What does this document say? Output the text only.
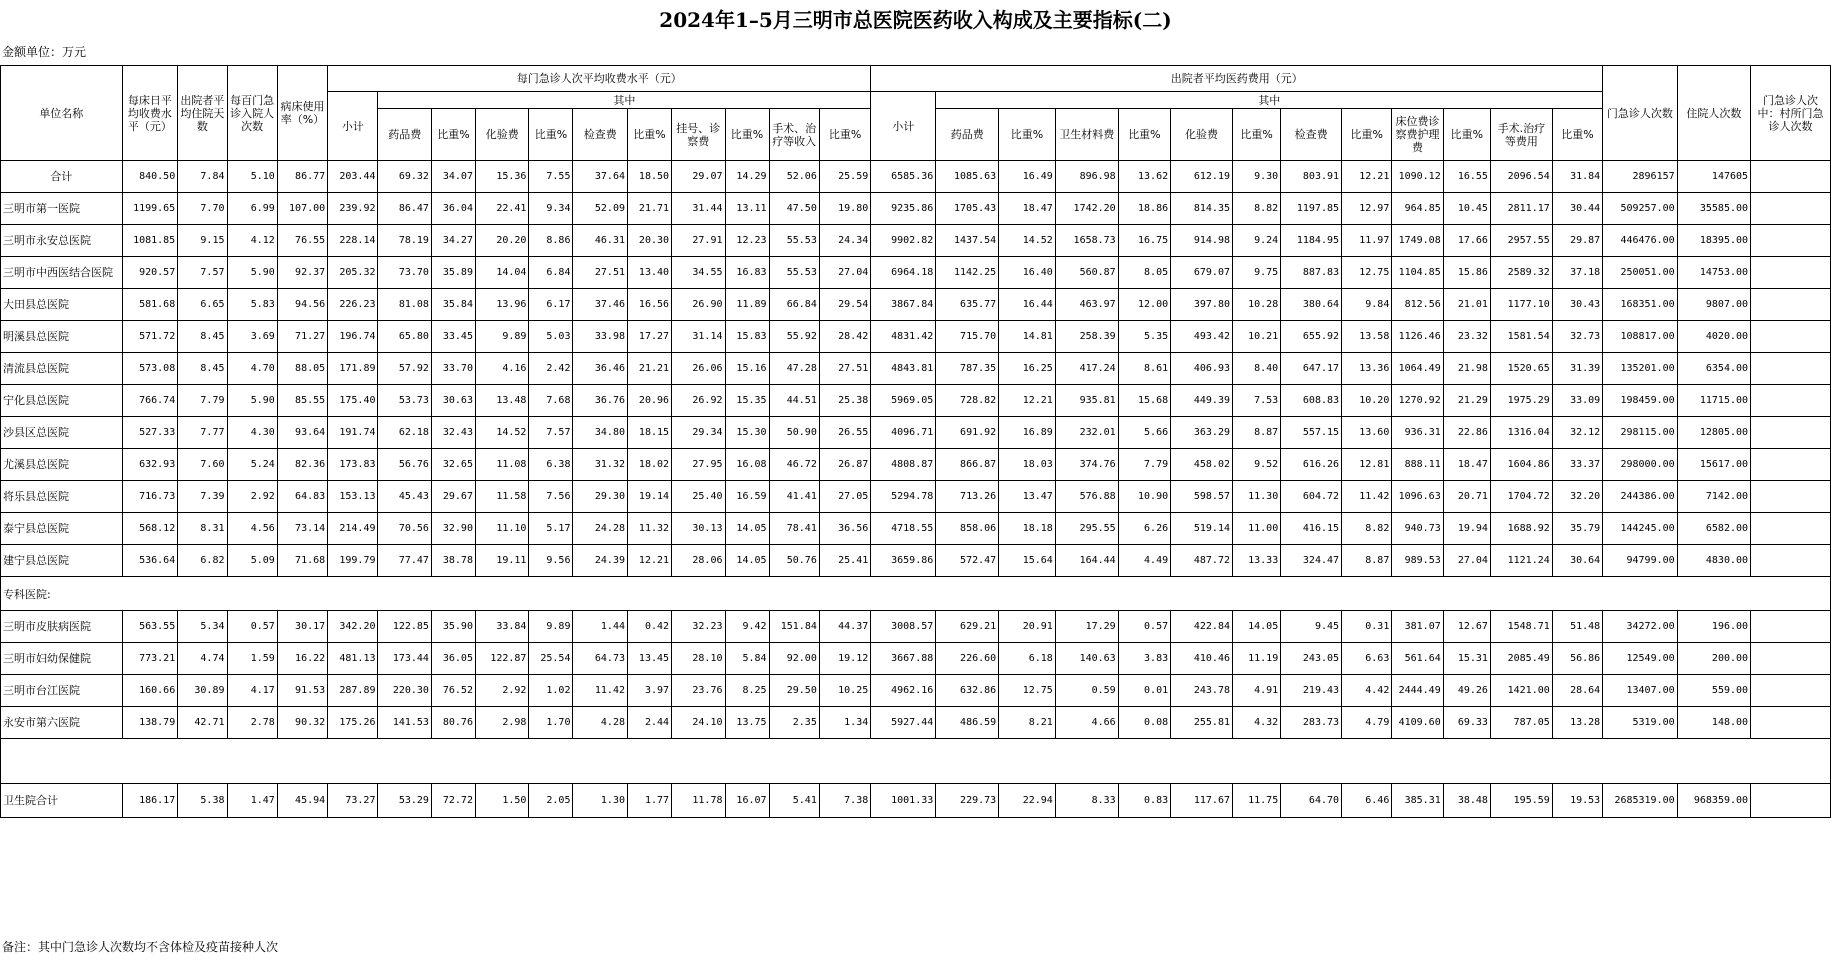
2024年1–5月三明市总医院医药收入构成及主要指标(二)
金额单位：万元
单位名称	每床日平均收费水平（元）	出院者平均住院天数	每百门急诊入院人次数	病床使用率（%）	每门急诊人次平均收费水平（元）											出院者平均医药费用（元）													门急诊人次数	住院人次数	门急诊人次中：村所门急诊人次数
					小计	其中										小计	其中														
						药品费	比重%	化验费	比重%	检查费	比重%	挂号、诊察费	比重%	手术、治疗等收入	比重%		药品费	比重%	卫生材料费	比重%	化验费	比重%	检查费	比重%	床位费诊察费护理费	比重%	手术.治疗等费用	比重%			
合计	840.50	7.84	5.10	86.77	203.44	69.32	34.07	15.36	7.55	37.64	18.50	29.07	14.29	52.06	25.59	6585.36	1085.63	16.49	896.98	13.62	612.19	9.30	803.91	12.21	1090.12	16.55	2096.54	31.84	2896157	147605	
三明市第一医院	1199.65	7.70	6.99	107.00	239.92	86.47	36.04	22.41	9.34	52.09	21.71	31.44	13.11	47.50	19.80	9235.86	1705.43	18.47	1742.20	18.86	814.35	8.82	1197.85	12.97	964.85	10.45	2811.17	30.44	509257.00	35585.00	
三明市永安总医院	1081.85	9.15	4.12	76.55	228.14	78.19	34.27	20.20	8.86	46.31	20.30	27.91	12.23	55.53	24.34	9902.82	1437.54	14.52	1658.73	16.75	914.98	9.24	1184.95	11.97	1749.08	17.66	2957.55	29.87	446476.00	18395.00	
三明市中西医结合医院	920.57	7.57	5.90	92.37	205.32	73.70	35.89	14.04	6.84	27.51	13.40	34.55	16.83	55.53	27.04	6964.18	1142.25	16.40	560.87	8.05	679.07	9.75	887.83	12.75	1104.85	15.86	2589.32	37.18	250051.00	14753.00	
大田县总医院	581.68	6.65	5.83	94.56	226.23	81.08	35.84	13.96	6.17	37.46	16.56	26.90	11.89	66.84	29.54	3867.84	635.77	16.44	463.97	12.00	397.80	10.28	380.64	9.84	812.56	21.01	1177.10	30.43	168351.00	9807.00	
明溪县总医院	571.72	8.45	3.69	71.27	196.74	65.80	33.45	9.89	5.03	33.98	17.27	31.14	15.83	55.92	28.42	4831.42	715.70	14.81	258.39	5.35	493.42	10.21	655.92	13.58	1126.46	23.32	1581.54	32.73	108817.00	4020.00	
清流县总医院	573.08	8.45	4.70	88.05	171.89	57.92	33.70	4.16	2.42	36.46	21.21	26.06	15.16	47.28	27.51	4843.81	787.35	16.25	417.24	8.61	406.93	8.40	647.17	13.36	1064.49	21.98	1520.65	31.39	135201.00	6354.00	
宁化县总医院	766.74	7.79	5.90	85.55	175.40	53.73	30.63	13.48	7.68	36.76	20.96	26.92	15.35	44.51	25.38	5969.05	728.82	12.21	935.81	15.68	449.39	7.53	608.83	10.20	1270.92	21.29	1975.29	33.09	198459.00	11715.00	
沙县区总医院	527.33	7.77	4.30	93.64	191.74	62.18	32.43	14.52	7.57	34.80	18.15	29.34	15.30	50.90	26.55	4096.71	691.92	16.89	232.01	5.66	363.29	8.87	557.15	13.60	936.31	22.86	1316.04	32.12	298115.00	12805.00	
尤溪县总医院	632.93	7.60	5.24	82.36	173.83	56.76	32.65	11.08	6.38	31.32	18.02	27.95	16.08	46.72	26.87	4808.87	866.87	18.03	374.76	7.79	458.02	9.52	616.26	12.81	888.11	18.47	1604.86	33.37	298000.00	15617.00	
将乐县总医院	716.73	7.39	2.92	64.83	153.13	45.43	29.67	11.58	7.56	29.30	19.14	25.40	16.59	41.41	27.05	5294.78	713.26	13.47	576.88	10.90	598.57	11.30	604.72	11.42	1096.63	20.71	1704.72	32.20	244386.00	7142.00	
泰宁县总医院	568.12	8.31	4.56	73.14	214.49	70.56	32.90	11.10	5.17	24.28	11.32	30.13	14.05	78.41	36.56	4718.55	858.06	18.18	295.55	6.26	519.14	11.00	416.15	8.82	940.73	19.94	1688.92	35.79	144245.00	6582.00	
建宁县总医院	536.64	6.82	5.09	71.68	199.79	77.47	38.78	19.11	9.56	24.39	12.21	28.06	14.05	50.76	25.41	3659.86	572.47	15.64	164.44	4.49	487.72	13.33	324.47	8.87	989.53	27.04	1121.24	30.64	94799.00	4830.00	
专科医院:																															
三明市皮肤病医院	563.55	5.34	0.57	30.17	342.20	122.85	35.90	33.84	9.89	1.44	0.42	32.23	9.42	151.84	44.37	3008.57	629.21	20.91	17.29	0.57	422.84	14.05	9.45	0.31	381.07	12.67	1548.71	51.48	34272.00	196.00	
三明市妇幼保健院	773.21	4.74	1.59	16.22	481.13	173.44	36.05	122.87	25.54	64.73	13.45	28.10	5.84	92.00	19.12	3667.88	226.60	6.18	140.63	3.83	410.46	11.19	243.05	6.63	561.64	15.31	2085.49	56.86	12549.00	200.00	
三明市台江医院	160.66	30.89	4.17	91.53	287.89	220.30	76.52	2.92	1.02	11.42	3.97	23.76	8.25	29.50	10.25	4962.16	632.86	12.75	0.59	0.01	243.78	4.91	219.43	4.42	2444.49	49.26	1421.00	28.64	13407.00	559.00	
永安市第六医院	138.79	42.71	2.78	90.32	175.26	141.53	80.76	2.98	1.70	4.28	2.44	24.10	13.75	2.35	1.34	5927.44	486.59	8.21	4.66	0.08	255.81	4.32	283.73	4.79	4109.60	69.33	787.05	13.28	5319.00	148.00	

卫生院合计	186.17	5.38	1.47	45.94	73.27	53.29	72.72	1.50	2.05	1.30	1.77	11.78	16.07	5.41	7.38	1001.33	229.73	22.94	8.33	0.83	117.67	11.75	64.70	6.46	385.31	38.48	195.59	19.53	2685319.00	968359.00	
备注：其中门急诊人次数均不含体检及疫苗接种人次
